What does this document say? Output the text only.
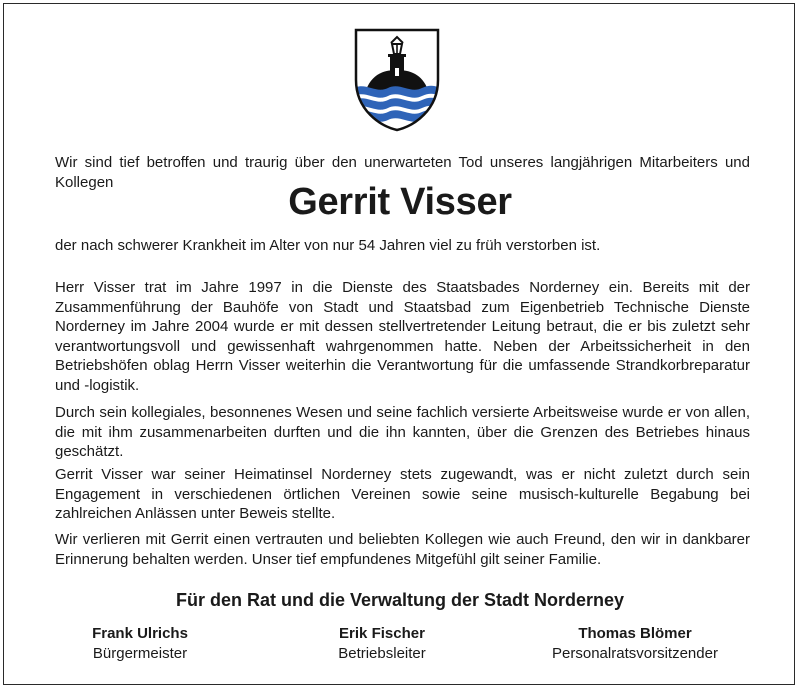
Wir sind tief betroffen und traurig über den unerwarteten Tod unseres langjährigen Mitarbeiters und Kollegen	Gerrit Visser

der nach schwerer Krankheit im Alter von nur 54 Jahren viel zu früh verstorben ist.

Herr Visser trat im Jahre 1997 in die Dienste des Staatsbades Norderney ein. Bereits mit der Zusammenführung der Bauhöfe von Stadt und Staatsbad zum Eigenbetrieb Technische Dienste Norderney im Jahre 2004 wurde er mit dessen stellvertretender Leitung betraut, die er bis zuletzt sehr verantwortungsvoll und gewissenhaft wahrgenommen hatte. Neben der Arbeitssicherheit in den Betriebshöfen oblag Herrn Visser weiterhin die Verantwortung für die umfassende Strandkorbreparatur und -logistik.

Durch sein kollegiales, besonnenes Wesen und seine fachlich versierte Arbeitsweise wurde er von allen, die mit ihm zusammenarbeiten durften und die ihn kannten, über die Grenzen des Betriebes hinaus geschätzt.

Gerrit Visser war seiner Heimatinsel Norderney stets zugewandt, was er nicht zuletzt durch sein Engagement in verschiedenen örtlichen Vereinen sowie seine musisch-kulturelle Begabung bei zahlreichen Anlässen unter Beweis stellte.

Wir verlieren mit Gerrit einen vertrauten und beliebten Kollegen wie auch Freund, den wir in dankbarer Erinnerung behalten werden. Unser tief empfundenes Mitgefühl gilt seiner Familie.

Für den Rat und die Verwaltung der Stadt Norderney
Frank Ulrichs
Bürgermeister
Erik Fischer
Betriebsleiter
Thomas Blömer
Personalratsvorsitzender
